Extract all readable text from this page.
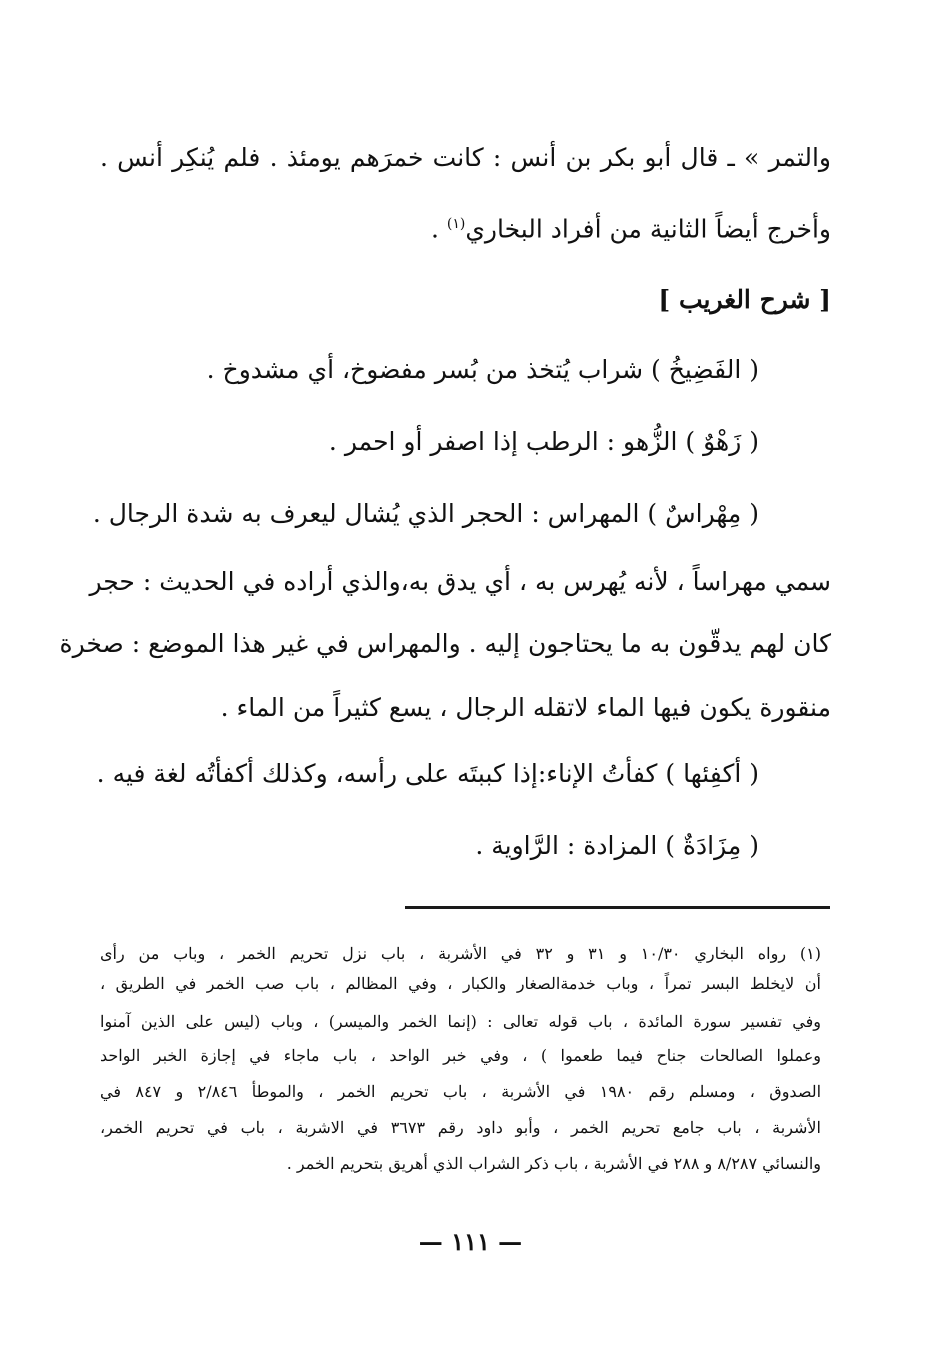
والتمر » ـ قال أبو بكر بن أنس : كانت خمرَهم يومئذ . فلم يُنكِر أنس .
وأخرج أيضاً الثانية من أفراد البخاري$^{(١)}$ .
[ شرح الغريب ]
( الفَضِيخُ ) شراب يُتخذ من بُسر مفضوخ، أي مشدوخ .
( زَهْوٌ ) الزُّهو : الرطب إذا اصفر أو احمر .
( مِهْراسٌ ) المهراس : الحجر الذي يُشال ليعرف به شدة الرجال .
سمي مهراساً ، لأنه يُهرس به ، أي يدق به،والذي أراده في الحديث : حجر
كان لهم يدقّون به ما يحتاجون إليه . والمهراس في غير هذا الموضع : صخرة
منقورة يكون فيها الماء لاتقله الرجال ، يسع كثيراً من الماء .
( أكفِئها ) كفأتُ الإناء:إذا كببتَه على رأسه، وكذلك أكفأتُه لغة فيه .
( مِزَادَةٌ ) المزادة : الرَّاوية .
(١) رواه البخاري ١٠/٣٠ و ٣١ و ٣٢ في الأشربة ، باب نزل تحريم الخمر ، وباب من رأى
أن لايخلط البسر تمراً ، وباب خدمةالصغار والكبار ، وفي المظالم ، باب صب الخمر في الطريق ،
وفي تفسير سورة المائدة ، باب قوله تعالى : (إنما الخمر والميسر) ، وباب (ليس على الذين آمنوا
وعملوا الصالحات جناح فيما طعموا ) ، وفي خبر الواحد ، باب ماجاء في إجازة الخبر الواحد
الصدوق ، ومسلم رقم ١٩٨٠ في الأشربة ، باب تحريم الخمر ، والموطأ ٢/٨٤٦ و ٨٤٧ في
الأشربة ، باب جامع تحريم الخمر ، وأبو داود رقم ٣٦٧٣ في الاشربة ، باب في تحريم الخمر،
والنسائي ٨/٢٨٧ و ٢٨٨ في الأشربة ، باب ذكر الشراب الذي أهريق بتحريم الخمر .
— ١١١ —
